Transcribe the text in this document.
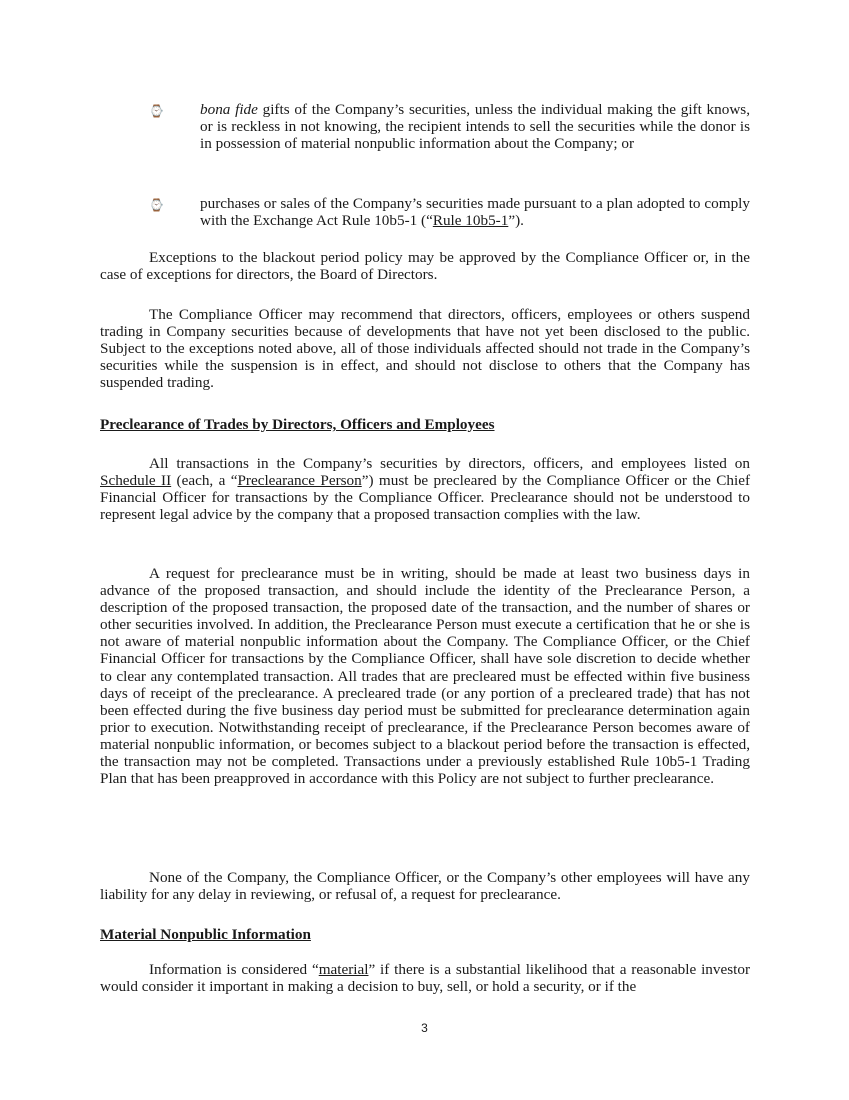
⌚ bona fide gifts of the Company’s securities, unless the individual making the gift knows, or is reckless in not knowing, the recipient intends to sell the securities while the donor is in possession of material nonpublic information about the Company; or

⌚ purchases or sales of the Company’s securities made pursuant to a plan adopted to comply with the Exchange Act Rule 10b5-1 (“Rule 10b5-1”).

Exceptions to the blackout period policy may be approved by the Compliance Officer or, in the case of exceptions for directors, the Board of Directors.

The Compliance Officer may recommend that directors, officers, employees or others suspend trading in Company securities because of developments that have not yet been disclosed to the public. Subject to the exceptions noted above, all of those individuals affected should not trade in the Company’s securities while the suspension is in effect, and should not disclose to others that the Company has suspended trading.

Preclearance of Trades by Directors, Officers and Employees

All transactions in the Company’s securities by directors, officers, and employees listed on Schedule II (each, a “Preclearance Person”) must be precleared by the Compliance Officer or the Chief Financial Officer for transactions by the Compliance Officer. Preclearance should not be understood to represent legal advice by the company that a proposed transaction complies with the law.

A request for preclearance must be in writing, should be made at least two business days in advance of the proposed transaction, and should include the identity of the Preclearance Person, a description of the proposed transaction, the proposed date of the transaction, and the number of shares or other securities involved. In addition, the Preclearance Person must execute a certification that he or she is not aware of material nonpublic information about the Company. The Compliance Officer, or the Chief Financial Officer for transactions by the Compliance Officer, shall have sole discretion to decide whether to clear any contemplated transaction. All trades that are precleared must be effected within five business days of receipt of the preclearance. A precleared trade (or any portion of a precleared trade) that has not been effected during the five business day period must be submitted for preclearance determination again prior to execution. Notwithstanding receipt of preclearance, if the Preclearance Person becomes aware of material nonpublic information, or becomes subject to a blackout period before the transaction is effected, the transaction may not be completed. Transactions under a previously established Rule 10b5-1 Trading Plan that has been preapproved in accordance with this Policy are not subject to further preclearance.

None of the Company, the Compliance Officer, or the Company’s other employees will have any liability for any delay in reviewing, or refusal of, a request for preclearance.

Material Nonpublic Information

Information is considered “material” if there is a substantial likelihood that a reasonable investor would consider it important in making a decision to buy, sell, or hold a security, or if the

3
